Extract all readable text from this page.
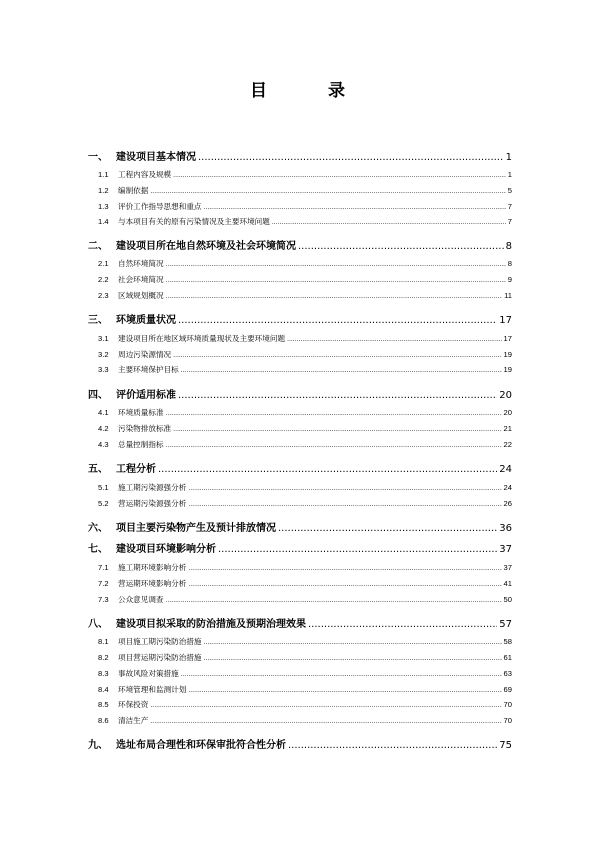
目　录
一、 建设项目基本情况 .....	1
1.1	工程内容及规模 .....	1
1.2	编制依据 .....	5
1.3	评价工作指导思想和重点 .....	7
1.4	与本项目有关的原有污染情况及主要环境问题 .....	7
二、 建设项目所在地自然环境及社会环境简况 .....	8
2.1	自然环境简况 .....	8
2.2	社会环境简况 .....	9
2.3	区域规划概况 .....	11
三、 环境质量状况 .....	17
3.1	建设项目所在地区域环境质量现状及主要环境问题 .....	17
3.2	周边污染源情况 .....	19
3.3	主要环境保护目标 .....	19
四、 评价适用标准 .....	20
4.1	环境质量标准 .....	20
4.2	污染物排放标准 .....	21
4.3	总量控制指标 .....	22
五、 工程分析 .....	24
5.1	施工期污染源强分析 .....	24
5.2	营运期污染源强分析 .....	26
六、 项目主要污染物产生及预计排放情况 .....	36
七、 建设项目环境影响分析 .....	37
7.1	施工期环境影响分析 .....	37
7.2	营运期环境影响分析 .....	41
7.3	公众意见调查 .....	50
八、 建设项目拟采取的防治措施及预期治理效果 .....	57
8.1	项目施工期污染防治措施 .....	58
8.2	项目营运期污染防治措施 .....	61
8.3	事故风险对策措施 .....	63
8.4	环境管理和监测计划 .....	69
8.5	环保投资 .....	70
8.6	清洁生产 .....	70
九、 选址布局合理性和环保审批符合性分析 .....	75
